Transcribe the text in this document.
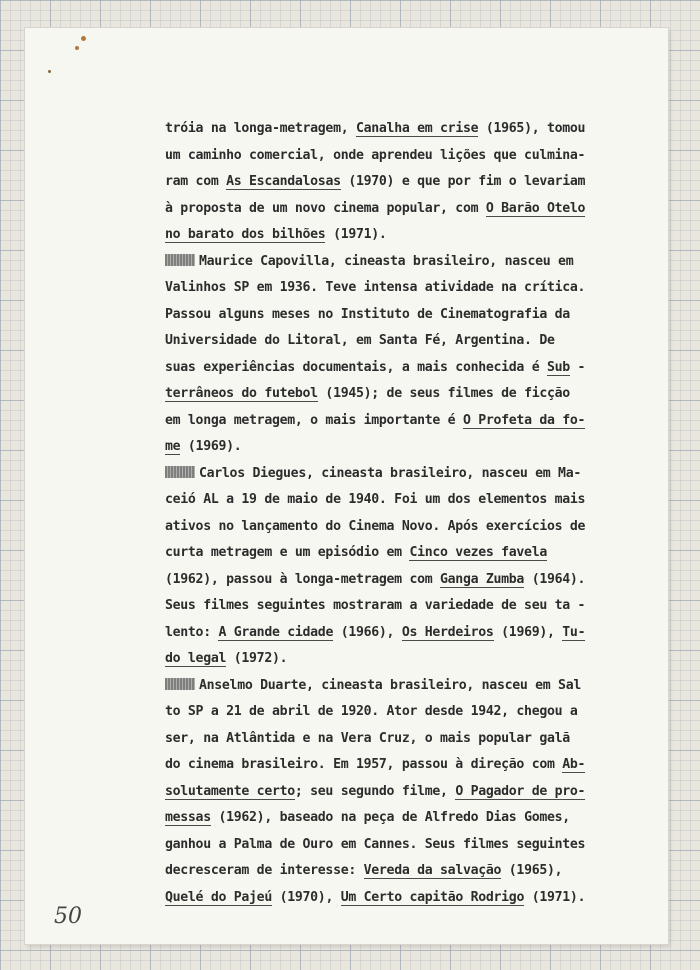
tróia na longa-metragem, Canalha em crise (1965), tomou
um caminho comercial, onde aprendeu lições que culmina-
ram com As Escandalosas (1970) e que por fim o levariam
à proposta de um novo cinema popular, com O Barão Otelo
no barato dos bilhões (1971).
Maurice Capovilla, cineasta brasileiro, nasceu em
Valinhos SP em 1936. Teve intensa atividade na crítica.
Passou alguns meses no Instituto de Cinematografia da
Universidade do Litoral, em Santa Fé, Argentina. De
suas experiências documentais, a mais conhecida é Sub -
terrâneos do futebol (1945); de seus filmes de ficção
em longa metragem, o mais importante é O Profeta da fo-
me (1969).
Carlos Diegues, cineasta brasileiro, nasceu em Ma-
ceió AL a 19 de maio de 1940. Foi um dos elementos mais
ativos no lançamento do Cinema Novo. Após exercícios de
curta metragem e um episódio em Cinco vezes favela
(1962), passou à longa-metragem com Ganga Zumba (1964).
Seus filmes seguintes mostraram a variedade de seu ta -
lento: A Grande cidade (1966), Os Herdeiros (1969), Tu-
do legal (1972).
Anselmo Duarte, cineasta brasileiro, nasceu em Sal
to SP a 21 de abril de 1920. Ator desde 1942, chegou a
ser, na Atlântida e na Vera Cruz, o mais popular galã
do cinema brasileiro. Em 1957, passou à direção com Ab-
solutamente certo; seu segundo filme, O Pagador de pro-
messas (1962), baseado na peça de Alfredo Dias Gomes,
ganhou a Palma de Ouro em Cannes. Seus filmes seguintes
decresceram de interesse: Vereda da salvação (1965),
Quelé do Pajeú (1970), Um Certo capitão Rodrigo (1971).
50
